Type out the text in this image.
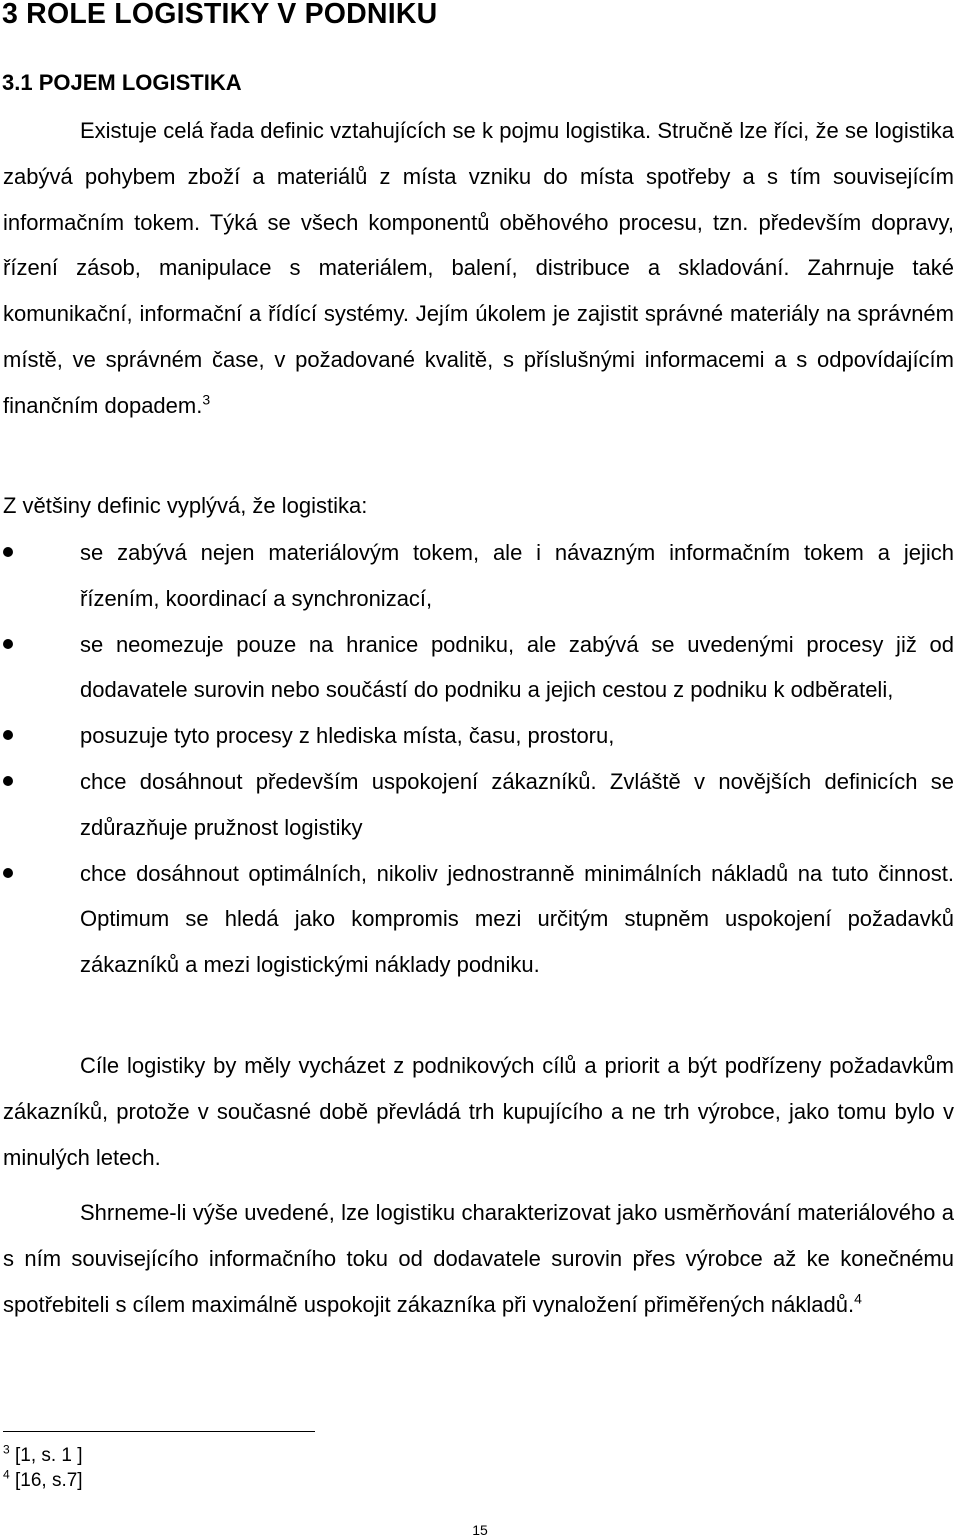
3 ROLE LOGISTIKY V PODNIKU
3.1 POJEM LOGISTIKA

Existuje celá řada definic vztahujících se k pojmu logistika. Stručně lze říci, že se logistika zabývá pohybem zboží a materiálů z místa vzniku do místa spotřeby a s tím souvisejícím informačním tokem. Týká se všech komponentů oběhového procesu, tzn. především dopravy, řízení zásob, manipulace s materiálem, balení, distribuce a skladování. Zahrnuje také komunikační, informační a řídící systémy. Jejím úkolem je zajistit správné materiály na správném místě, ve správném čase, v požadované kvalitě, s příslušnými informacemi a s odpovídajícím finančním dopadem.$^3$

Z většiny definic vyplývá, že logistika:

se zabývá nejen materiálovým tokem, ale i návazným informačním tokem a jejich řízením, koordinací a synchronizací,
se neomezuje pouze na hranice podniku, ale zabývá se uvedenými procesy již od dodavatele surovin nebo součástí do podniku a jejich cestou z podniku k odběrateli,
posuzuje tyto procesy z hlediska místa, času, prostoru,
chce dosáhnout především uspokojení zákazníků. Zvláště v novějších definicích se zdůrazňuje pružnost logistiky
chce dosáhnout optimálních, nikoliv jednostranně minimálních nákladů na tuto činnost. Optimum se hledá jako kompromis mezi určitým stupněm uspokojení požadavků zákazníků a mezi logistickými náklady podniku.

Cíle logistiky by měly vycházet z podnikových cílů a priorit a být podřízeny požadavkům zákazníků, protože v současné době převládá trh kupujícího a ne trh výrobce, jako tomu bylo v minulých letech.

Shrneme-li výše uvedené, lze logistiku charakterizovat jako usměrňování materiálového a s ním souvisejícího informačního toku od dodavatele surovin přes výrobce až ke konečnému spotřebiteli s cílem maximálně uspokojit zákazníka při vynaložení přiměřených nákladů.$^4$

$^3$ [1, s. 1 ]
$^4$ [16, s.7]
15
